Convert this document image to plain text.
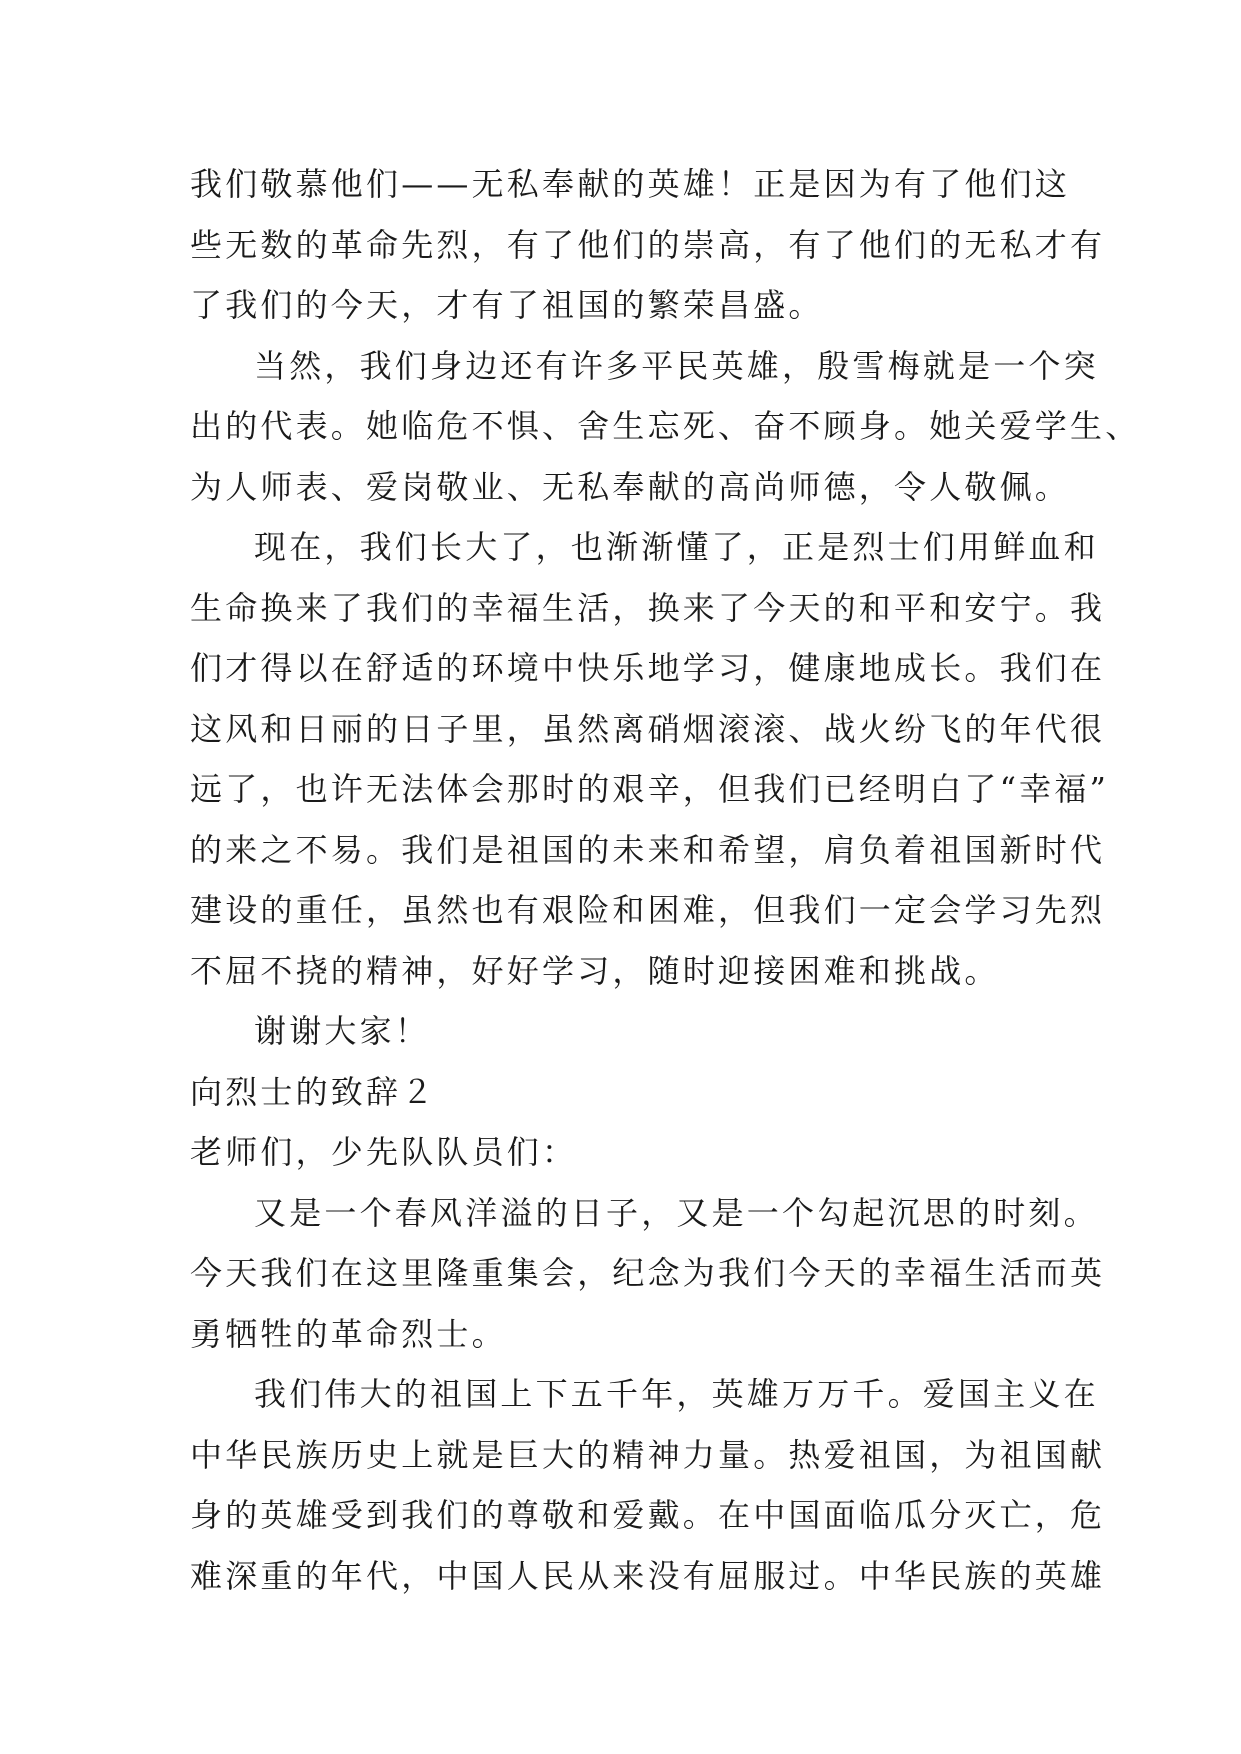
我们敬慕他们——无私奉献的英雄！正是因为有了他们这
些无数的革命先烈，有了他们的崇高，有了他们的无私才有
了我们的今天，才有了祖国的繁荣昌盛。
当然，我们身边还有许多平民英雄，殷雪梅就是一个突
出的代表。她临危不惧、舍生忘死、奋不顾身。她关爱学生、
为人师表、爱岗敬业、无私奉献的高尚师德，令人敬佩。
现在，我们长大了，也渐渐懂了，正是烈士们用鲜血和
生命换来了我们的幸福生活，换来了今天的和平和安宁。我
们才得以在舒适的环境中快乐地学习，健康地成长。我们在
这风和日丽的日子里，虽然离硝烟滚滚、战火纷飞的年代很
远了，也许无法体会那时的艰辛，但我们已经明白了“幸福”
的来之不易。我们是祖国的未来和希望，肩负着祖国新时代
建设的重任，虽然也有艰险和困难，但我们一定会学习先烈
不屈不挠的精神，好好学习，随时迎接困难和挑战。
谢谢大家！
向烈士的致辞２
老师们，少先队队员们：
又是一个春风洋溢的日子，又是一个勾起沉思的时刻。
今天我们在这里隆重集会，纪念为我们今天的幸福生活而英
勇牺牲的革命烈士。
我们伟大的祖国上下五千年，英雄万万千。爱国主义在
中华民族历史上就是巨大的精神力量。热爱祖国，为祖国献
身的英雄受到我们的尊敬和爱戴。在中国面临瓜分灭亡，危
难深重的年代，中国人民从来没有屈服过。中华民族的英雄
